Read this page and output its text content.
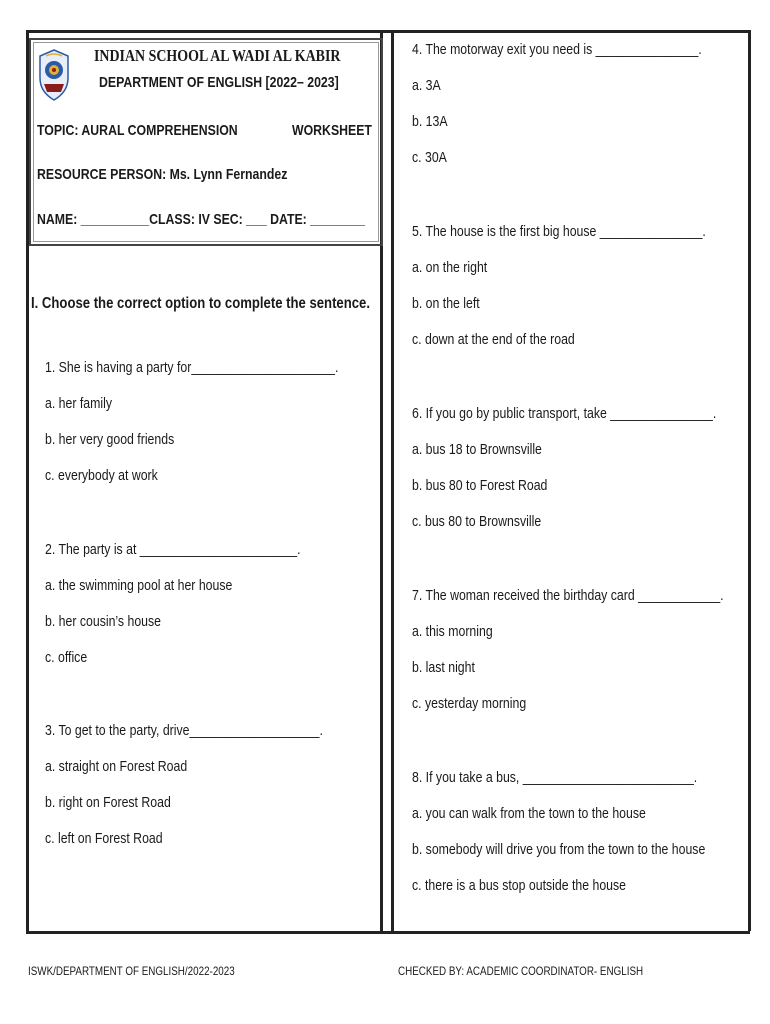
INDIAN SCHOOL AL WADI AL KABIR
DEPARTMENT OF ENGLISH [2022– 2023]
TOPIC: AURAL COMPREHENSION	WORKSHEET
RESOURCE PERSON: Ms. Lynn Fernandez
NAME: __________CLASS: IV SEC: ___ DATE: ________
I. Choose the correct option to complete the sentence.
1. She is having a party for_____________________.
a. her family
b. her very good friends
c. everybody at work
2. The party is at _______________________.
a. the swimming pool at her house
b. her cousin’s house
c. office
3. To get to the party, drive___________________.
a. straight on Forest Road
b. right on Forest Road
c. left on Forest Road
4. The motorway exit you need is _______________.
a. 3A
b. 13A
c. 30A
5. The house is the first big house _______________.
a. on the right
b. on the left
c. down at the end of the road
6. If you go by public transport, take _______________.
a. bus 18 to Brownsville
b. bus 80 to Forest Road
c. bus 80 to Brownsville
7. The woman received the birthday card ____________.
a. this morning
b. last night
c. yesterday morning
8. If you take a bus, _________________________.
a. you can walk from the town to the house
b. somebody will drive you from the town to the house
c. there is a bus stop outside the house
ISWK/DEPARTMENT OF ENGLISH/2022-2023	CHECKED BY: ACADEMIC COORDINATOR- ENGLISH
